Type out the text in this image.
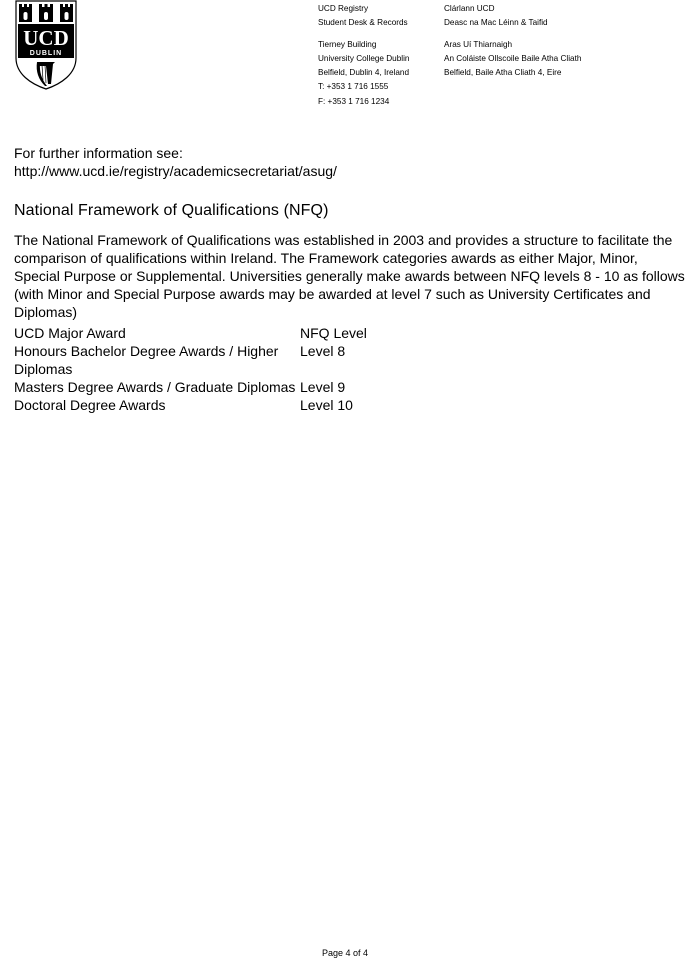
UCD
DUBLIN
UCD Registry
Student Desk & Records
Tierney Building
University College Dublin
Belfield, Dublin 4, Ireland
T: +353 1 716 1555
F: +353 1 716 1234
Clárlann UCD
Deasc na Mac Léinn & Taifid
Aras Uí Thiarnaigh
An Coláiste Ollscoile Baile Atha Cliath
Belfield, Baile Atha Cliath 4, Eire
For further information see:
http://www.ucd.ie/registry/academicsecretariat/asug/
National Framework of Qualifications (NFQ)
The National Framework of Qualifications was established in 2003 and provides a structure to facilitate the comparison of qualifications within Ireland. The Framework categories awards as either Major, Minor, Special Purpose or Supplemental. Universities generally make awards between NFQ levels 8 - 10 as follows (with Minor and Special Purpose awards may be awarded at level 7 such as University Certificates and Diplomas)
UCD Major Award	NFQ Level
Honours Bachelor Degree Awards / Higher Diplomas
Level 8
Masters Degree Awards / Graduate Diplomas Level 9
Doctoral Degree Awards	Level 10
Page 4 of 4
